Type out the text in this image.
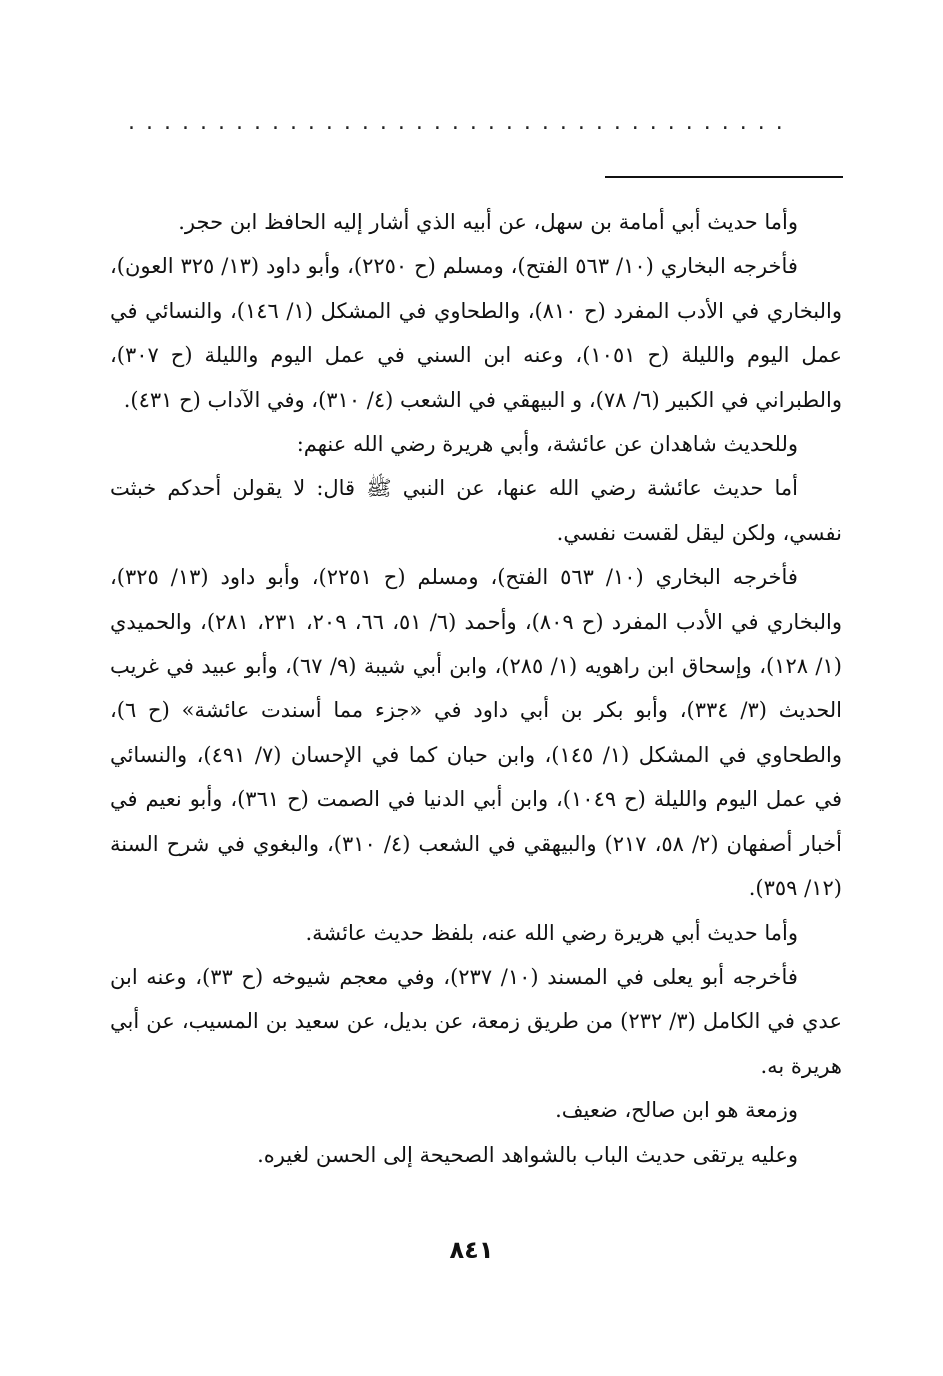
.....................................

وأما حديث أبي أمامة بن سهل، عن أبيه الذي أشار إليه الحافظ ابن حجر.

فأخرجه البخاري (١٠/ ٥٦٣ الفتح)، ومسلم (ح ٢٢٥٠)، وأبو داود (١٣/ ٣٢٥ العون)، والبخاري في الأدب المفرد (ح ٨١٠)، والطحاوي في المشكل (١/ ١٤٦)، والنسائي في عمل اليوم والليلة (ح ١٠٥١)، وعنه ابن السني في عمل اليوم والليلة (ح ٣٠٧)، والطبراني في الكبير (٦/ ٧٨)، و البيهقي في الشعب (٤/ ٣١٠)، وفي الآداب (ح ٤٣١).

وللحديث شاهدان عن عائشة، وأبي هريرة رضي الله عنهم:

أما حديث عائشة رضي الله عنها، عن النبي ﷺ قال: لا يقولن أحدكم خبثت نفسي، ولكن ليقل لقست نفسي.

فأخرجه البخاري (١٠/ ٥٦٣ الفتح)، ومسلم (ح ٢٢٥١)، وأبو داود (١٣/ ٣٢٥)، والبخاري في الأدب المفرد (ح ٨٠٩)، وأحمد (٦/ ٥١، ٦٦، ٢٠٩، ٢٣١، ٢٨١)، والحميدي (١/ ١٢٨)، وإسحاق ابن راهويه (١/ ٢٨٥)، وابن أبي شيبة (٩/ ٦٧)، وأبو عبيد في غريب الحديث (٣/ ٣٣٤)، وأبو بكر بن أبي داود في «جزء مما أسندت عائشة» (ح ٦)، والطحاوي في المشكل (١/ ١٤٥)، وابن حبان كما في الإحسان (٧/ ٤٩١)، والنسائي في عمل اليوم والليلة (ح ١٠٤٩)، وابن أبي الدنيا في الصمت (ح ٣٦١)، وأبو نعيم في أخبار أصفهان (٢/ ٥٨، ٢١٧) والبيهقي في الشعب (٤/ ٣١٠)، والبغوي في شرح السنة (١٢/ ٣٥٩).

وأما حديث أبي هريرة رضي الله عنه، بلفظ حديث عائشة.

فأخرجه أبو يعلى في المسند (١٠/ ٢٣٧)، وفي معجم شيوخه (ح ٣٣)، وعنه ابن عدي في الكامل (٣/ ٢٣٢) من طريق زمعة، عن بديل، عن سعيد بن المسيب، عن أبي هريرة به.

وزمعة هو ابن صالح، ضعيف.

وعليه يرتقى حديث الباب بالشواهد الصحيحة إلى الحسن لغيره.

٨٤١
